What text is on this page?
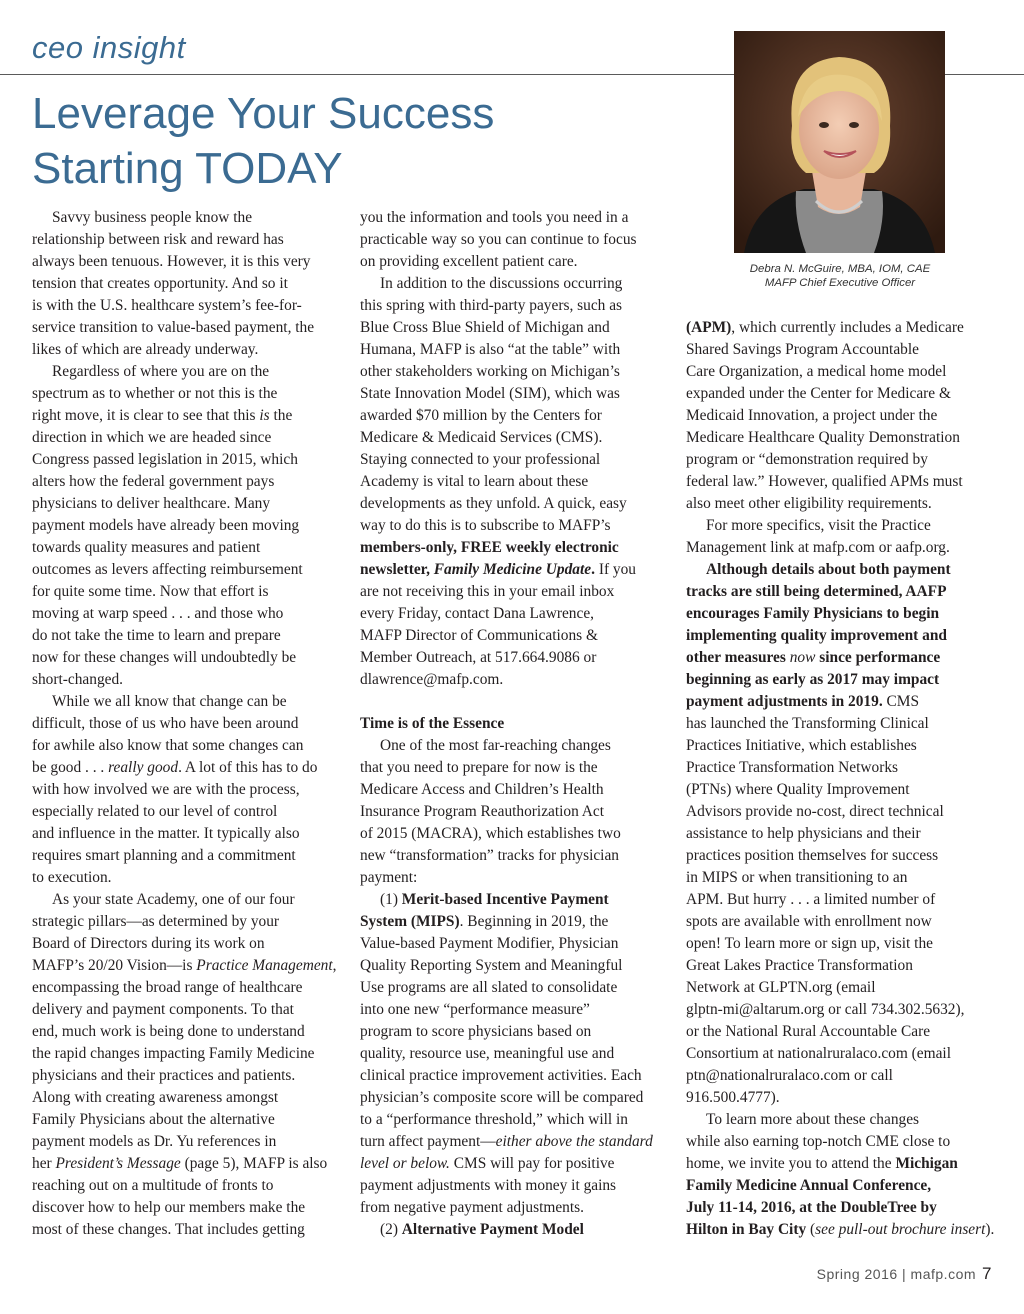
ceo insight
Leverage Your Success
Starting TODAY
Debra N. McGuire, MBA, IOM, CAE
MAFP Chief Executive Officer
Savvy business people know the
relationship between risk and reward has
always been tenuous. However, it is this very
tension that creates opportunity. And so it
is with the U.S. healthcare system’s fee-for-
service transition to value-based payment, the
likes of which are already underway.
Regardless of where you are on the
spectrum as to whether or not this is the
right move, it is clear to see that this is the
direction in which we are headed since
Congress passed legislation in 2015, which
alters how the federal government pays
physicians to deliver healthcare. Many
payment models have already been moving
towards quality measures and patient
outcomes as levers affecting reimbursement
for quite some time. Now that effort is
moving at warp speed . . . and those who
do not take the time to learn and prepare
now for these changes will undoubtedly be
short-changed.
While we all know that change can be
difficult, those of us who have been around
for awhile also know that some changes can
be good . . . really good. A lot of this has to do
with how involved we are with the process,
especially related to our level of control
and influence in the matter. It typically also
requires smart planning and a commitment
to execution.
As your state Academy, one of our four
strategic pillars—as determined by your
Board of Directors during its work on
MAFP’s 20/20 Vision—is Practice Management,
encompassing the broad range of healthcare
delivery and payment components. To that
end, much work is being done to understand
the rapid changes impacting Family Medicine
physicians and their practices and patients.
Along with creating awareness amongst
Family Physicians about the alternative
payment models as Dr. Yu references in
her President’s Message (page 5), MAFP is also
reaching out on a multitude of fronts to
discover how to help our members make the
most of these changes. That includes getting
you the information and tools you need in a
practicable way so you can continue to focus
on providing excellent patient care.
In addition to the discussions occurring
this spring with third-party payers, such as
Blue Cross Blue Shield of Michigan and
Humana, MAFP is also “at the table” with
other stakeholders working on Michigan’s
State Innovation Model (SIM), which was
awarded $70 million by the Centers for
Medicare & Medicaid Services (CMS).
Staying connected to your professional
Academy is vital to learn about these
developments as they unfold. A quick, easy
way to do this is to subscribe to MAFP’s
members-only, FREE weekly electronic
newsletter, Family Medicine Update. If you
are not receiving this in your email inbox
every Friday, contact Dana Lawrence,
MAFP Director of Communications &
Member Outreach, at 517.664.9086 or
dlawrence@mafp.com.
Time is of the Essence
One of the most far-reaching changes
that you need to prepare for now is the
Medicare Access and Children’s Health
Insurance Program Reauthorization Act
of 2015 (MACRA), which establishes two
new “transformation” tracks for physician
payment:
(1) Merit-based Incentive Payment
System (MIPS). Beginning in 2019, the
Value-based Payment Modifier, Physician
Quality Reporting System and Meaningful
Use programs are all slated to consolidate
into one new “performance measure”
program to score physicians based on
quality, resource use, meaningful use and
clinical practice improvement activities. Each
physician’s composite score will be compared
to a “performance threshold,” which will in
turn affect payment—either above the standard
level or below. CMS will pay for positive
payment adjustments with money it gains
from negative payment adjustments.
(2) Alternative Payment Model
(APM), which currently includes a Medicare
Shared Savings Program Accountable
Care Organization, a medical home model
expanded under the Center for Medicare &
Medicaid Innovation, a project under the
Medicare Healthcare Quality Demonstration
program or “demonstration required by
federal law.” However, qualified APMs must
also meet other eligibility requirements.
For more specifics, visit the Practice
Management link at mafp.com or aafp.org.
Although details about both payment
tracks are still being determined, AAFP
encourages Family Physicians to begin
implementing quality improvement and
other measures now since performance
beginning as early as 2017 may impact
payment adjustments in 2019. CMS
has launched the Transforming Clinical
Practices Initiative, which establishes
Practice Transformation Networks
(PTNs) where Quality Improvement
Advisors provide no-cost, direct technical
assistance to help physicians and their
practices position themselves for success
in MIPS or when transitioning to an
APM. But hurry . . . a limited number of
spots are available with enrollment now
open! To learn more or sign up, visit the
Great Lakes Practice Transformation
Network at GLPTN.org (email
glptn-mi@altarum.org or call 734.302.5632),
or the National Rural Accountable Care
Consortium at nationalruralaco.com (email
ptn@nationalruralaco.com or call
916.500.4777).
To learn more about these changes
while also earning top-notch CME close to
home, we invite you to attend the Michigan
Family Medicine Annual Conference,
July 11-14, 2016, at the DoubleTree by
Hilton in Bay City (see pull-out brochure insert).
Spring 2016 | mafp.com 7
